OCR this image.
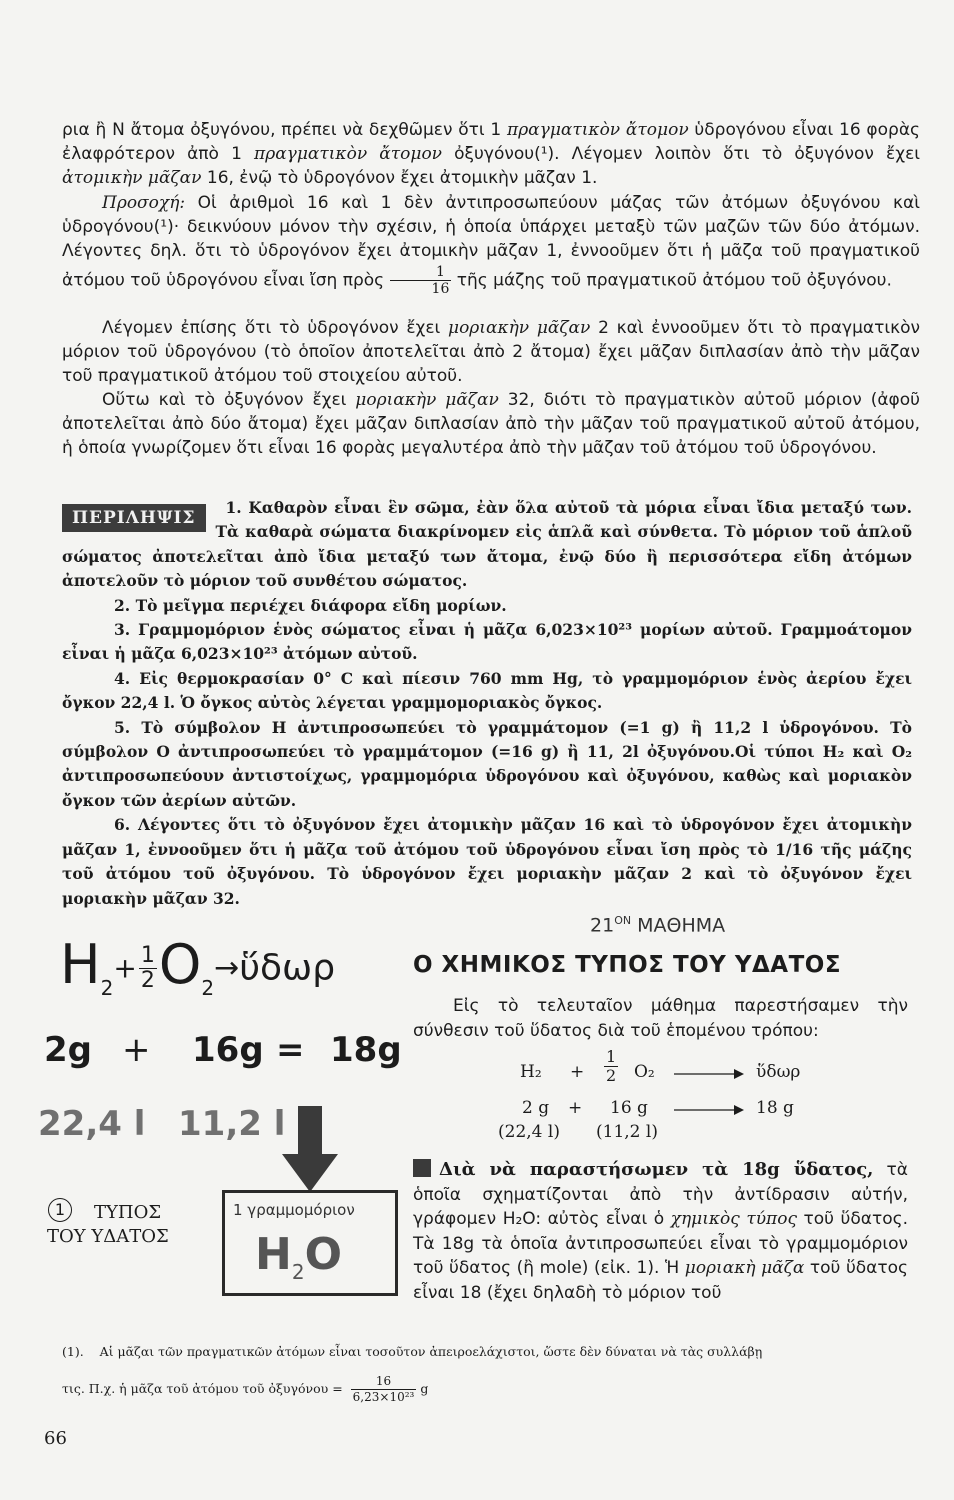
ρια ἢ Ν ἄτομα ὀξυγόνου, πρέπει νὰ δεχθῶμεν ὅτι 1 πραγματικὸν ἄτομον ὑδρογόνου εἶναι 16 φορὰς ἐλαφρότερον ἀπὸ 1 πραγματικὸν ἄτομον ὀξυγόνου(¹). Λέγομεν λοιπὸν ὅτι τὸ ὀξυγόνον ἔχει ἀτομικὴν μᾶζαν 16, ἐνῷ τὸ ὑδρογόνον ἔχει ἀτομικὴν μᾶζαν 1.

Προσοχή: Οἱ ἀριθμοὶ 16 καὶ 1 δὲν ἀντιπροσωπεύουν μάζας τῶν ἀτόμων ὀξυγόνου καὶ ὑδρογόνου(¹)· δεικνύουν μόνον τὴν σχέσιν, ἡ ὁποία ὑπάρχει μεταξὺ τῶν μαζῶν τῶν δύο ἀτόμων. Λέγοντες δηλ. ὅτι τὸ ὑδρογόνον ἔχει ἀτομικὴν μᾶζαν 1, ἐννοοῦμεν ὅτι ἡ μᾶζα τοῦ πραγματικοῦ ἀτόμου τοῦ ὑδρογόνου εἶναι ἴση πρὸς $\frac{1}{16}$ τῆς μάζης τοῦ πραγματικοῦ ἀτόμου τοῦ ὀξυγόνου.

Λέγομεν ἐπίσης ὅτι τὸ ὑδρογόνον ἔχει μοριακὴν μᾶζαν 2 καὶ ἐννοοῦμεν ὅτι τὸ πραγματικὸν μόριον τοῦ ὑδρογόνου (τὸ ὁποῖον ἀποτελεῖται ἀπὸ 2 ἄτομα) ἔχει μᾶζαν διπλασίαν ἀπὸ τὴν μᾶζαν τοῦ πραγματικοῦ ἀτόμου τοῦ στοιχείου αὐτοῦ.

Οὕτω καὶ τὸ ὀξυγόνον ἔχει μοριακὴν μᾶζαν 32, διότι τὸ πραγματικὸν αὐτοῦ μόριον (ἀφοῦ ἀποτελεῖται ἀπὸ δύο ἄτομα) ἔχει μᾶζαν διπλασίαν ἀπὸ τὴν μᾶζαν τοῦ πραγματικοῦ αὐτοῦ ἀτόμου, ἡ ὁποία γνωρίζομεν ὅτι εἶναι 16 φορὰς μεγαλυτέρα ἀπὸ τὴν μᾶζαν τοῦ ἀτόμου τοῦ ὑδρογόνου.

ΠΕΡΙΛΗΨΙΣ

1. Καθαρὸν εἶναι ἓν σῶμα, ἐὰν ὅλα αὐτοῦ τὰ μόρια εἶναι ἴδια μεταξύ των. Τὰ καθαρὰ σώματα διακρίνομεν εἰς ἁπλᾶ καὶ σύνθετα. Τὸ μόριον τοῦ ἁπλοῦ σώματος ἀποτελεῖται ἀπὸ ἴδια μεταξύ των ἄτομα, ἐνῷ δύο ἢ περισσότερα εἴδη ἀτόμων ἀποτελοῦν τὸ μόριον τοῦ συνθέτου σώματος.

2. Τὸ μεῖγμα περιέχει διάφορα εἴδη μορίων.

3. Γραμμομόριον ἑνὸς σώματος εἶναι ἡ μᾶζα 6,023×10²³ μορίων αὐτοῦ. Γραμμοάτομον εἶναι ἡ μᾶζα 6,023×10²³ ἀτόμων αὐτοῦ.

4. Εἰς θερμοκρασίαν 0° C καὶ πίεσιν 760 mm Hg, τὸ γραμμομόριον ἑνὸς ἀερίου ἔχει ὄγκον 22,4 l. Ὁ ὄγκος αὐτὸς λέγεται γραμμομοριακὸς ὄγκος.

5. Τὸ σύμβολον Η ἀντιπροσωπεύει τὸ γραμμάτομον (=1 g) ἢ 11,2 l ὑδρογόνου. Τὸ σύμβολον Ο ἀντιπροσωπεύει τὸ γραμμάτομον (=16 g) ἢ 11, 2l ὀξυγόνου.Οἱ τύποι H₂ καὶ O₂ ἀντιπροσωπεύουν ἀντιστοίχως, γραμμομόρια ὑδρογόνου καὶ ὀξυγόνου, καθὼς καὶ μοριακὸν ὄγκον τῶν ἀερίων αὐτῶν.

6. Λέγοντες ὅτι τὸ ὀξυγόνον ἔχει ἀτομικὴν μᾶζαν 16 καὶ τὸ ὑδρογόνον ἔχει ἀτομικὴν μᾶζαν 1, ἐννοοῦμεν ὅτι ἡ μᾶζα τοῦ ἀτόμου τοῦ ὑδρογόνου εἶναι ἴση πρὸς τὸ 1/16 τῆς μάζης τοῦ ἀτόμου τοῦ ὀξυγόνου. Τὸ ὑδρογόνον ἔχει μοριακὴν μᾶζαν 2 καὶ τὸ ὀξυγόνον ἔχει μοριακὴν μᾶζαν 32.

$H_2+ \frac{1}{2}$ $O_2\to ὕ\delta\omega\rho$
2g + 16g = 18g
22,4 l 11,2 l
1 γραμμομόριον
$H_2O$
1 ΤΥΠΟΣ
ΤΟΥ ΥΔΑΤΟΣ
$21^{ON}$ ΜΑΘΗΜΑ
Ο ΧΗΜΙΚΟΣ ΤΥΠΟΣ ΤΟΥ ΥΔΑΤΟΣ

Εἰς τὸ τελευταῖον μάθημα παρεστήσαμεν τὴν σύνθεσιν τοῦ ὕδατος διὰ τοῦ ἑπομένου τρόπου:

$H_2 + \frac{1}{2} O_2$	ὕδωρ
2 g + 16 g	18 g
(22,4 l) (11,2 l)
Διὰ νὰ παραστήσωμεν τὰ 18g ὕδατος, τὰ ὁποῖα σχηματίζονται ἀπὸ τὴν ἀντίδρασιν αὐτήν, γράφομεν H₂O: αὐτὸς εἶναι ὁ χημικὸς τύπος τοῦ ὕδατος. Τὰ 18g τὰ ὁποῖα ἀντιπροσωπεύει εἶναι τὸ γραμμομόριον τοῦ ὕδατος (ἢ mole) (εἰκ. 1). Ἡ μοριακὴ μᾶζα τοῦ ὕδατος εἶναι 18 (ἔχει δηλαδὴ τὸ μόριον τοῦ
(1). Αἱ μᾶζαι τῶν πραγματικῶν ἀτόμων εἶναι τοσοῦτον ἀπειροελάχιστοι, ὥστε δὲν δύναται νὰ τὰς συλλάβῃ
τις. Π.χ. ἡ μᾶζα τοῦ ἀτόμου τοῦ ὀξυγόνου = $\frac{16}{\text{6,23×10²³}}$ g
66
